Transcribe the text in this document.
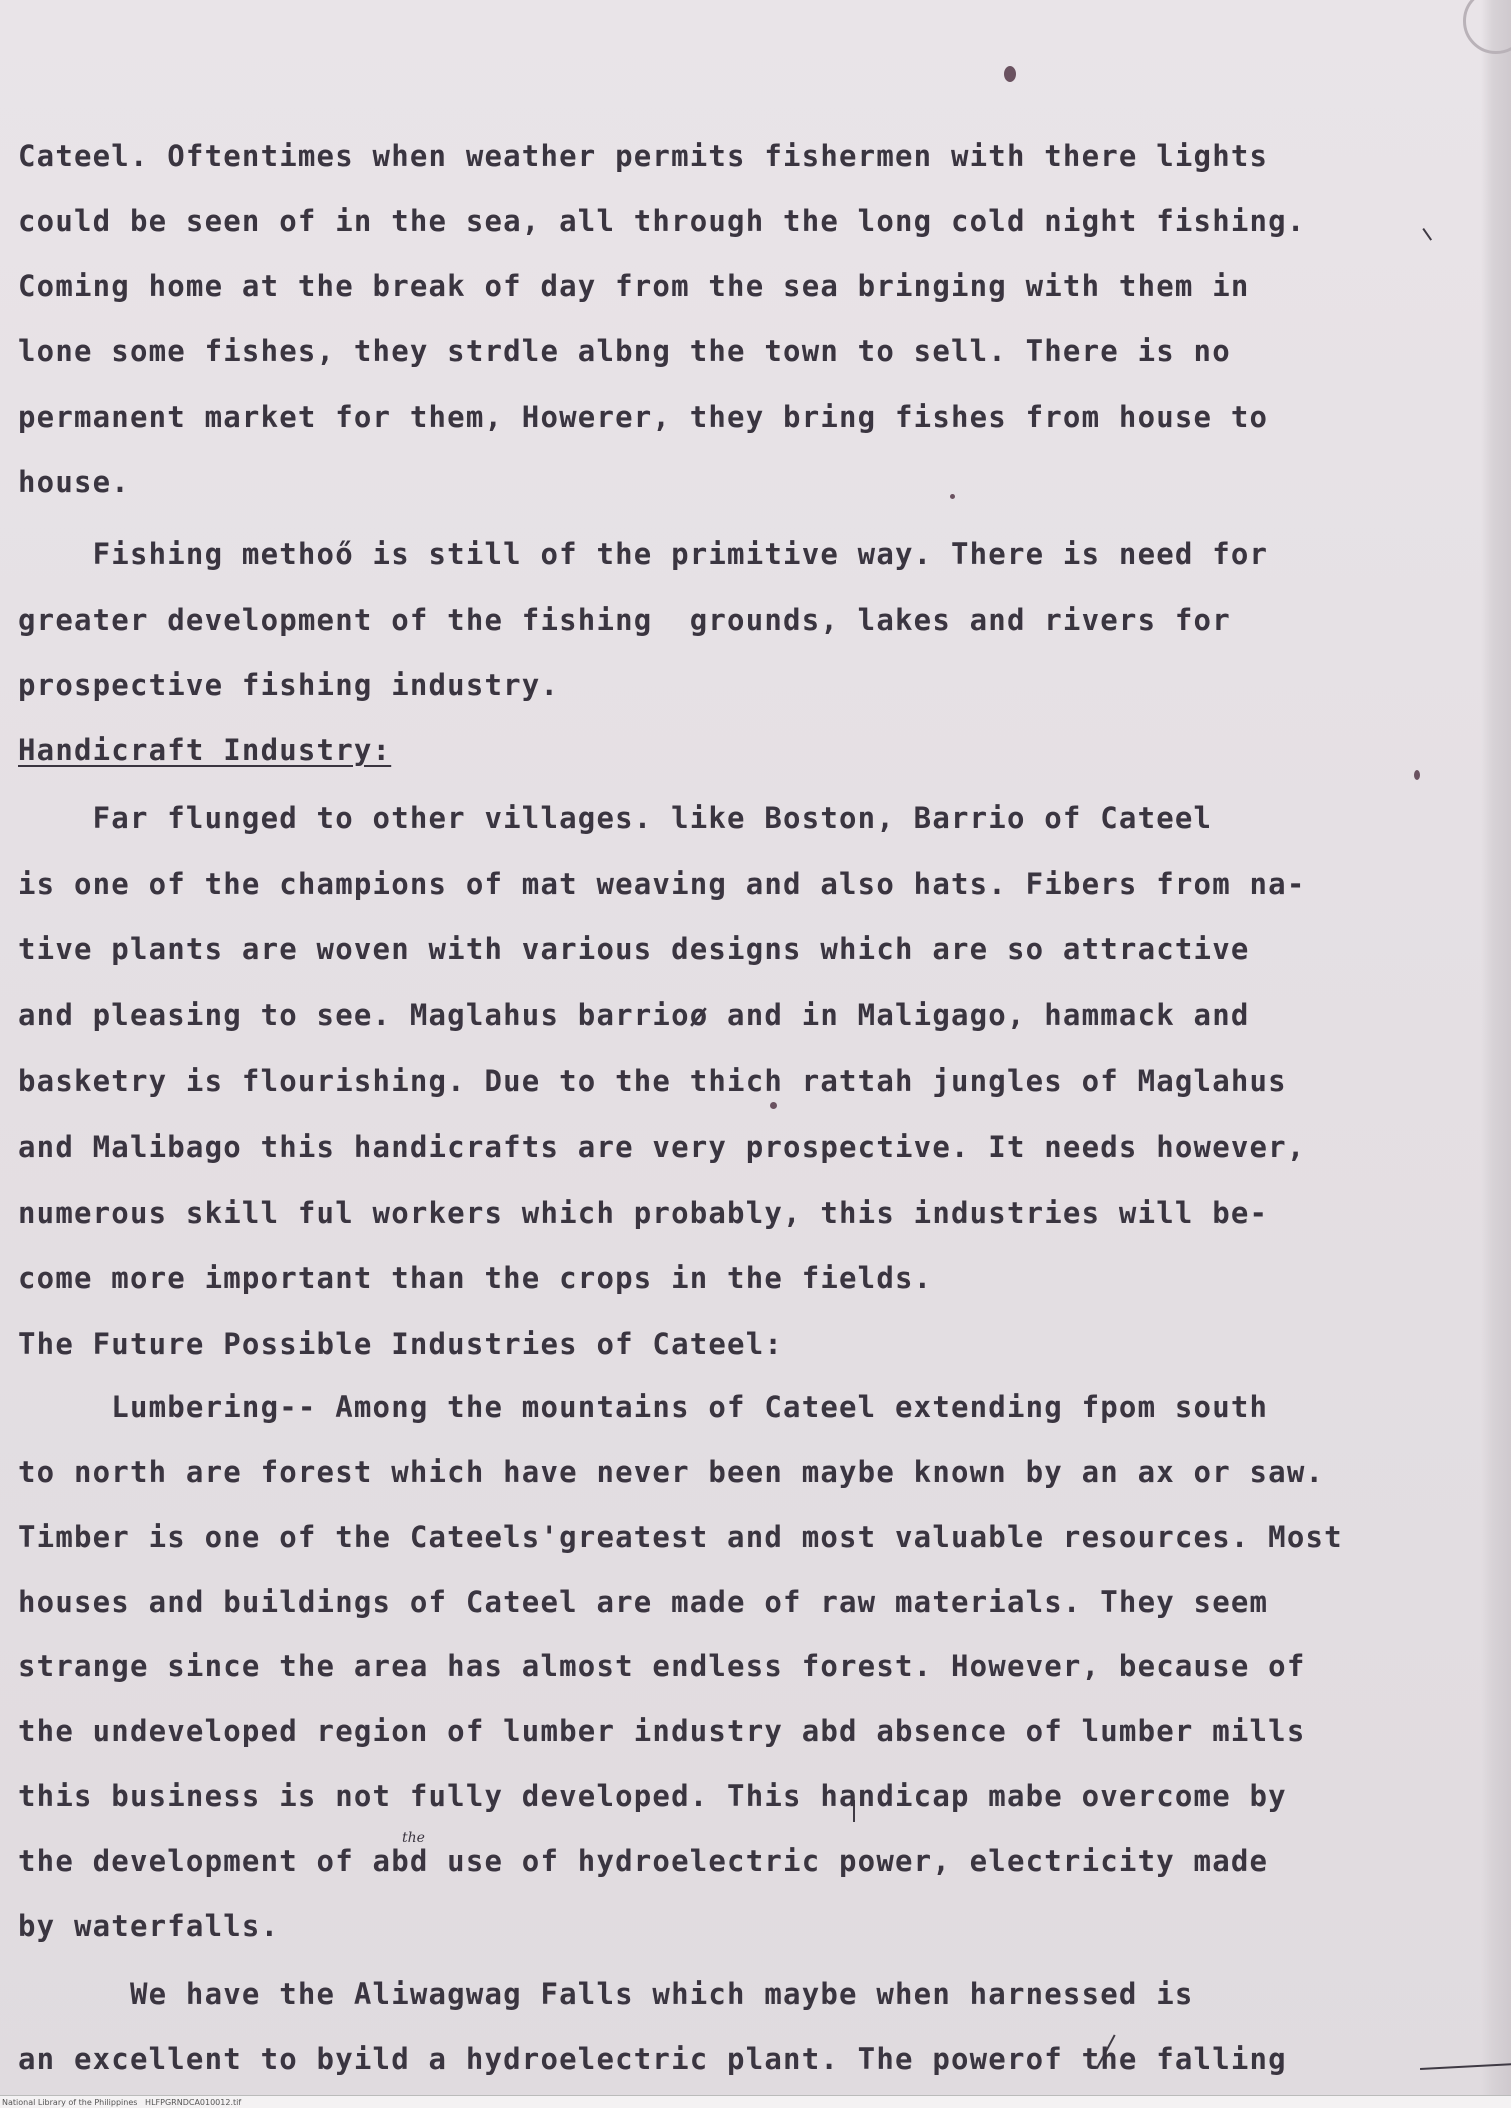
Cateel. Oftentimes when weather permits fishermen with there lights
could be seen of in the sea, all through the long cold night fishing.
Coming home at the break of day from the sea bringing with them in
lone some fishes, they strdle albng the town to sell. There is no
permanent market for them, Howerer, they bring fishes from house to
house.
Fishing methoő is still of the primitive way. There is need for
greater development of the fishing  grounds, lakes and rivers for
prospective fishing industry.
Handicraft Industry:
Far flunged to other villages. like Boston, Barrio of Cateel
is one of the champions of mat weaving and also hats. Fibers from na-
tive plants are woven with various designs which are so attractive
and pleasing to see. Maglahus barrioø and in Maligago, hammack and
basketry is flourishing. Due to the thich rattah jungles of Maglahus
and Malibago this handicrafts are very prospective. It needs however,
numerous skill ful workers which probably, this industries will be-
come more important than the crops in the fields.
The Future Possible Industries of Cateel:
Lumbering-- Among the mountains of Cateel extending fpom south
to north are forest which have never been maybe known by an ax or saw.
Timber is one of the Cateels'greatest and most valuable resources. Most
houses and buildings of Cateel are made of raw materials. They seem
strange since the area has almost endless forest. However, because of
the undeveloped region of lumber industry abd absence of lumber mills
this business is not fully developed. This handicap mabe overcome by
the development of abd use of hydroelectric power, electricity made
by waterfalls.
We have the Aliwagwag Falls which maybe when harnessed is
an excellent to byild a hydroelectric plant. The powerof the falling
the
National Library of the Philippines   HLFPGRNDCA010012.tif
